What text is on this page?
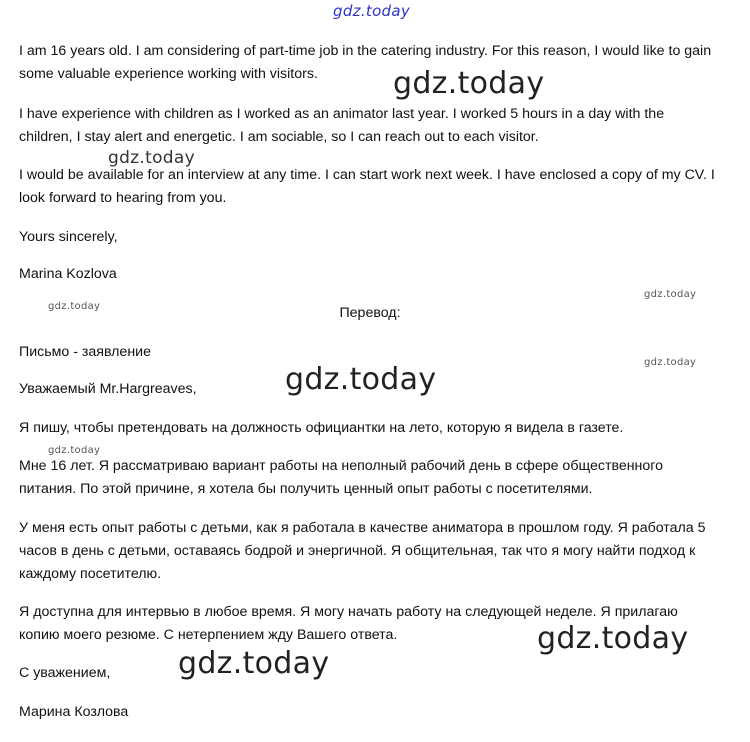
gdz.today
gdz.today
gdz.today
gdz.today
gdz.today
gdz.today
gdz.today
gdz.today
gdz.today
gdz.today

I am 16 years old. I am considering of part-time job in the catering industry. For this reason, I would like to gain some valuable experience working with visitors.

I have experience with children as I worked as an animator last year. I worked 5 hours in a day with the children, I stay alert and energetic. I am sociable, so I can reach out to each visitor.

I would be available for an interview at any time. I can start work next week. I have enclosed a copy of my CV. I look forward to hearing from you.

Yours sincerely,

Marina Kozlova

Перевод:

Письмо - заявление

Уважаемый Mr.Hargreaves,

Я пишу, чтобы претендовать на должность официантки на лето, которую я видела в газете.

Мне 16 лет. Я рассматриваю вариант работы на неполный рабочий день в сфере общественного питания. По этой причине, я хотела бы получить ценный опыт работы с посетителями.

У меня есть опыт работы с детьми, как я работала в качестве аниматора в прошлом году. Я работала 5 часов в день с детьми, оставаясь бодрой и энергичной. Я общительная, так что я могу найти подход к каждому посетителю.

Я доступна для интервью в любое время. Я могу начать работу на следующей неделе. Я прилагаю копию моего резюме. С нетерпением жду Вашего ответа.

С уважением,

Марина Козлова
